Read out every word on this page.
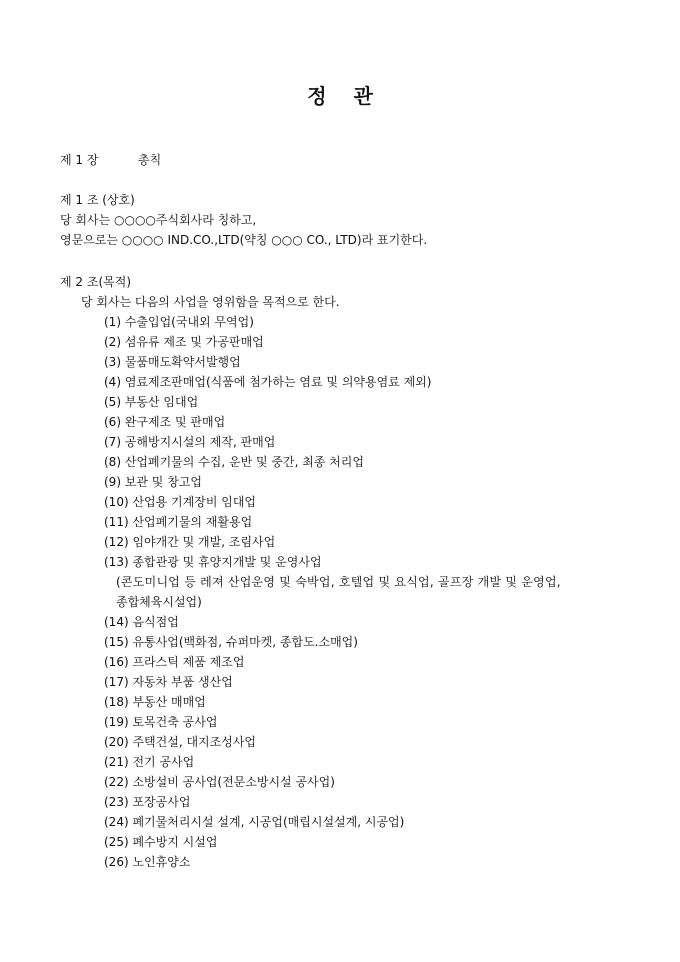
정 관
제 1 장	총칙
제 1 조 (상호)
당 회사는 ○○○○주식회사라 칭하고,
영문으로는 ○○○○ IND.CO.,LTD(약칭 ○○○ CO., LTD)라 표기한다.
제 2 조(목적)
당 회사는 다음의 사업을 영위함을 목적으로 한다.
(1) 수출입업(국내외 무역업)
(2) 섬유류 제조 및 가공판매업
(3) 물품매도확약서발행업
(4) 염료제조판매업(식품에 첨가하는 염료 및 의약용염료 제외)
(5) 부동산 임대업
(6) 완구제조 및 판매업
(7) 공해방지시설의 제작, 판매업
(8) 산업폐기물의 수집, 운반 및 중간, 최종 처리업
(9) 보관 및 창고업
(10) 산업용 기계장비 임대업
(11) 산업폐기물의 재활용업
(12) 임야개간 및 개발, 조림사업
(13) 종합관광 및 휴양지개발 및 운영사업
(콘도미니업 등 레져 산업운영 및 숙박업, 호텔업 및 요식업, 골프장 개발 및 운영업,
종합체육시설업)
(14) 음식점업
(15) 유통사업(백화점, 슈퍼마켓, 종합도.소매업)
(16) 프라스틱 제품 제조업
(17) 자동차 부품 생산업
(18) 부동산 매매업
(19) 토목건축 공사업
(20) 주택건설, 대지조성사업
(21) 전기 공사업
(22) 소방설비 공사업(전문소방시설 공사업)
(23) 포장공사업
(24) 폐기물처리시설 설계, 시공업(매립시설설계, 시공업)
(25) 폐수방지 시설업
(26) 노인휴양소
